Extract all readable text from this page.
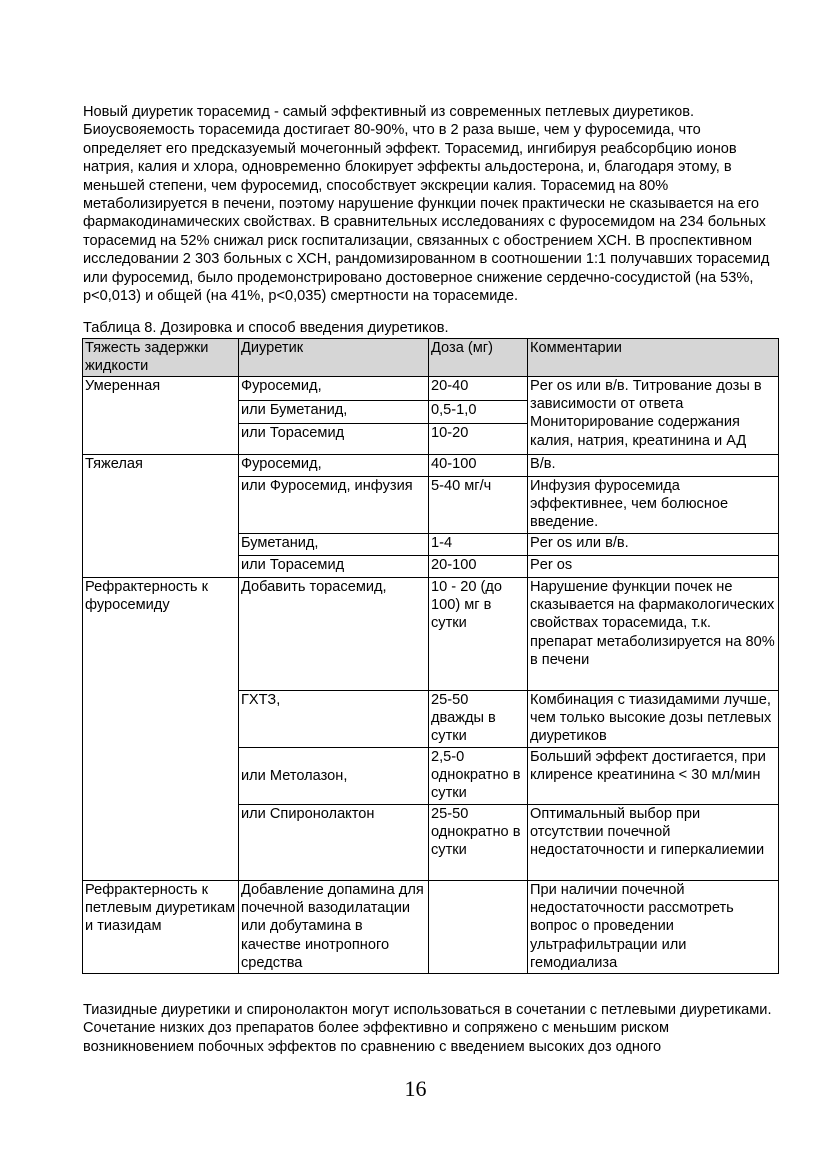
Новый диуретик торасемид - самый эффективный из современных петлевых диуретиков. Биоусвояемость торасемида достигает 80-90%, что в 2 раза выше, чем у фуросемида, что определяет его предсказуемый мочегонный эффект. Торасемид, ингибируя реабсорбцию ионов натрия, калия и хлора, одновременно блокирует эффекты альдостерона, и, благодаря этому, в меньшей степени, чем фуросемид, способствует экскреции калия. Торасемид на 80% метаболизируется в печени, поэтому нарушение функции почек практически не сказывается на его фармакодинамических свойствах. В сравнительных исследованиях с фуросемидом на 234 больных торасемид на 52% снижал риск госпитализации, связанных с обострением ХСН. В проспективном исследовании 2 303 больных с ХСН, рандомизированном в соотношении 1:1 получавших торасемид или фуросемид, было продемонстрировано достоверное снижение сердечно-сосудистой (на 53%, p<0,013) и общей (на 41%, p<0,035) смертности на торасемиде.
Таблица 8. Дозировка и способ введения диуретиков.
Тяжесть задержки жидкости	Диуретик	Доза (мг)	Комментарии
Умеренная	Фуросемид,	20-40	Per os или в/в. Титрование дозы в зависимости от ответа Мониторирование содержания калия, натрия, креатинина и АД
	или Буметанид,	0,5-1,0	
	или Торасемид	10-20	
Тяжелая	Фуросемид,	40-100	В/в.
	или Фуросемид, инфузия	5-40 мг/ч	Инфузия фуросемида эффективнее, чем болюсное введение.
	Буметанид,	1-4	Per os или в/в.
	или Торасемид	20-100	Per os
Рефрактерность к фуросемиду	Добавить торасемид,	10 - 20 (до 100) мг в сутки	Нарушение функции почек не сказывается на фармакологических свойствах торасемида, т.к. препарат метаболизируется на 80% в печени
	ГХТЗ,	25-50 дважды в сутки	Комбинация с тиазидамими лучше, чем только высокие дозы петлевых диуретиков
	или Метолазон,	2,5-0 однократно в сутки	Больший эффект достигается, при клиренсе креатинина < 30 мл/мин
	или Спиронолактон	25-50 однократно в сутки	Оптимальный выбор при отсутствии почечной недостаточности и гиперкалиемии
Рефрактерность к петлевым диуретикам и тиазидам	Добавление допамина для почечной вазодилатации или добутамина в качестве инотропного средства		При наличии почечной недостаточности рассмотреть вопрос о проведении ультрафильтрации или гемодиализа
Тиазидные диуретики и спиронолактон могут использоваться в сочетании с петлевыми диуретиками. Сочетание низких доз препаратов более эффективно и сопряжено с меньшим риском возникновением побочных эффектов по сравнению с введением высоких доз одного
16
